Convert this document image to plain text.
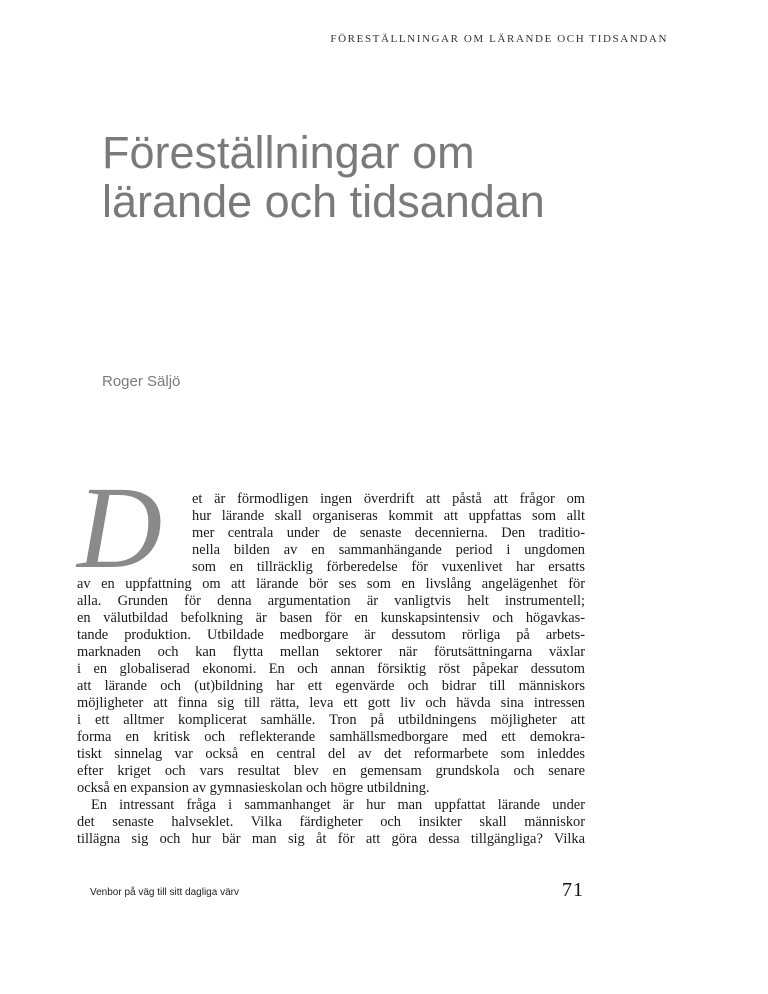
FÖRESTÄLLNINGAR OM LÄRANDE OCH TIDSANDAN
Föreställningar om
lärande och tidsandan
Roger Säljö
D	et är förmodligen ingen överdrift att påstå att frågor om
hur lärande skall organiseras kommit att uppfattas som allt
mer centrala under de senaste decennierna. Den traditio-
nella bilden av en sammanhängande period i ungdomen
som en tillräcklig förberedelse för vuxenlivet har ersatts
av en uppfattning om att lärande bör ses som en livslång angelägenhet för
alla. Grunden för denna argumentation är vanligtvis helt instrumentell;
en välutbildad befolkning är basen för en kunskapsintensiv och högavkas-
tande produktion. Utbildade medborgare är dessutom rörliga på arbets-
marknaden och kan flytta mellan sektorer när förutsättningarna växlar
i en globaliserad ekonomi. En och annan försiktig röst påpekar dessutom
att lärande och (ut)bildning har ett egenvärde och bidrar till människors
möjligheter att finna sig till rätta, leva ett gott liv och hävda sina intressen
i ett alltmer komplicerat samhälle. Tron på utbildningens möjligheter att
forma en kritisk och reflekterande samhällsmedborgare med ett demokra-
tiskt sinnelag var också en central del av det reformarbete som inleddes
efter kriget och vars resultat blev en gemensam grundskola och senare
också en expansion av gymnasieskolan och högre utbildning.
En intressant fråga i sammanhanget är hur man uppfattat lärande under
det senaste halvseklet. Vilka färdigheter och insikter skall människor
tillägna sig och hur bär man sig åt för att göra dessa tillgängliga? Vilka
Venbor på väg till sitt dagliga värv	71
